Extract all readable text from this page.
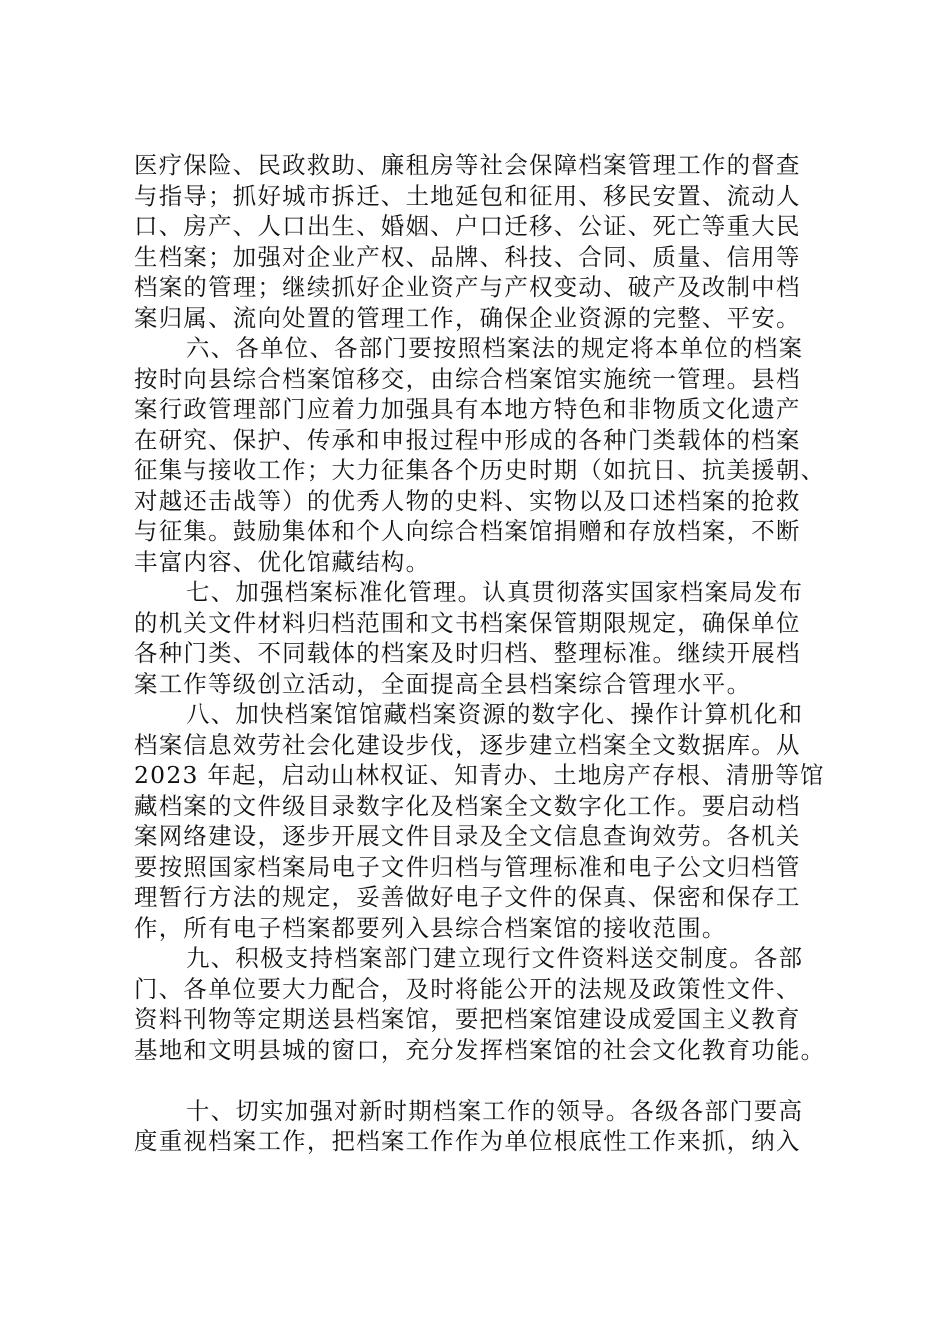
医疗保险、民政救助、廉租房等社会保障档案管理工作的督查
与指导；抓好城市拆迁、土地延包和征用、移民安置、流动人
口、房产、人口出生、婚姻、户口迁移、公证、死亡等重大民
生档案；加强对企业产权、品牌、科技、合同、质量、信用等
档案的管理；继续抓好企业资产与产权变动、破产及改制中档
案归属、流向处置的管理工作，确保企业资源的完整、平安。
六、各单位、各部门要按照档案法的规定将本单位的档案
按时向县综合档案馆移交，由综合档案馆实施统一管理。县档
案行政管理部门应着力加强具有本地方特色和非物质文化遗产
在研究、保护、传承和申报过程中形成的各种门类载体的档案
征集与接收工作；大力征集各个历史时期（如抗日、抗美援朝、
对越还击战等）的优秀人物的史料、实物以及口述档案的抢救
与征集。鼓励集体和个人向综合档案馆捐赠和存放档案，不断
丰富内容、优化馆藏结构。
七、加强档案标准化管理。认真贯彻落实国家档案局发布
的机关文件材料归档范围和文书档案保管期限规定，确保单位
各种门类、不同载体的档案及时归档、整理标准。继续开展档
案工作等级创立活动，全面提高全县档案综合管理水平。
八、加快档案馆馆藏档案资源的数字化、操作计算机化和
档案信息效劳社会化建设步伐，逐步建立档案全文数据库。从
2023 年起，启动山林权证、知青办、土地房产存根、清册等馆
藏档案的文件级目录数字化及档案全文数字化工作。要启动档
案网络建设，逐步开展文件目录及全文信息查询效劳。各机关
要按照国家档案局电子文件归档与管理标准和电子公文归档管
理暂行方法的规定，妥善做好电子文件的保真、保密和保存工
作，所有电子档案都要列入县综合档案馆的接收范围。
九、积极支持档案部门建立现行文件资料送交制度。各部
门、各单位要大力配合，及时将能公开的法规及政策性文件、
资料刊物等定期送县档案馆，要把档案馆建设成爱国主义教育
基地和文明县城的窗口，充分发挥档案馆的社会文化教育功能。
十、切实加强对新时期档案工作的领导。各级各部门要高
度重视档案工作，把档案工作作为单位根底性工作来抓，纳入
